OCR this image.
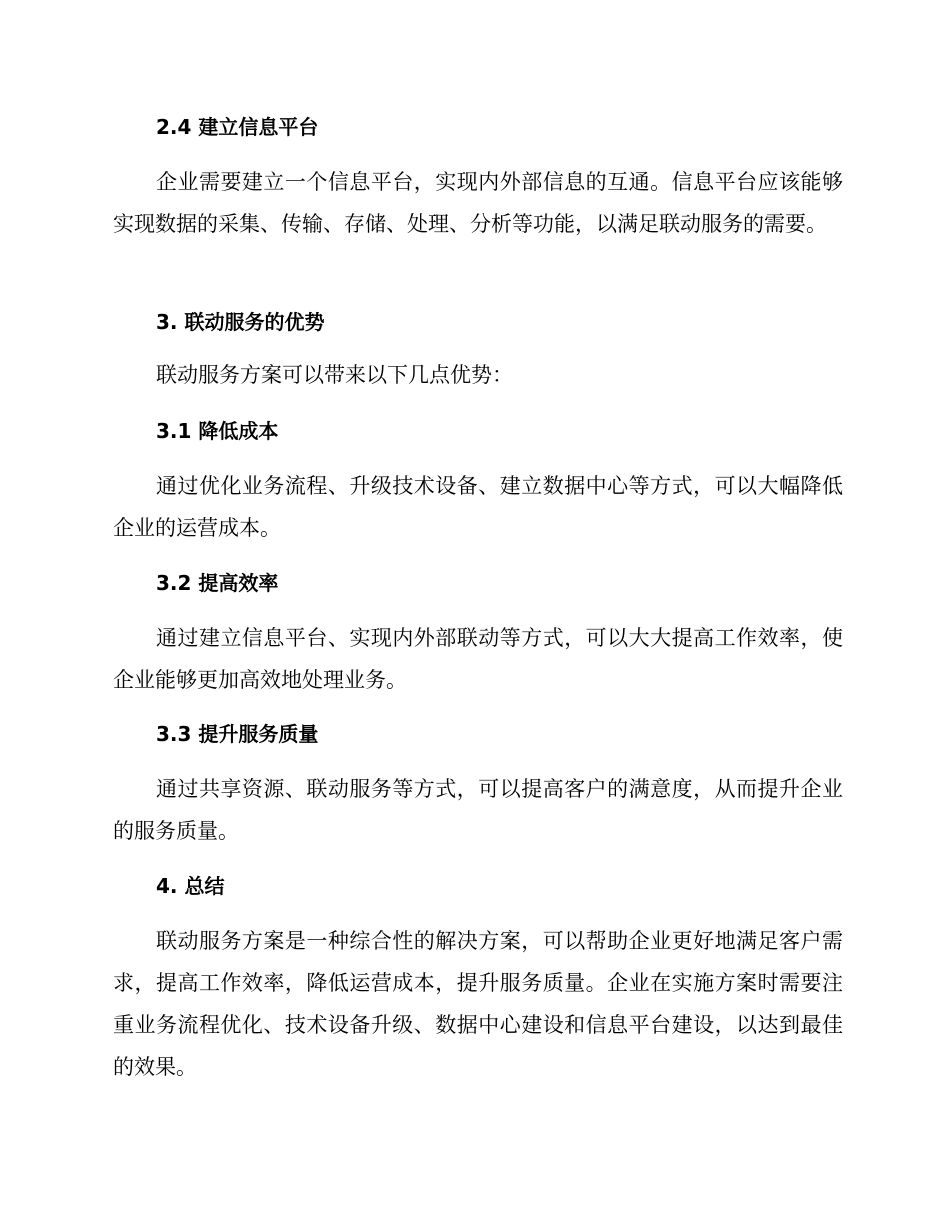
2.4 建立信息平台
企业需要建立一个信息平台，实现内外部信息的互通。信息平台应该能够实现数据的采集、传输、存储、处理、分析等功能，以满足联动服务的需要。
3. 联动服务的优势
联动服务方案可以带来以下几点优势：
3.1 降低成本
通过优化业务流程、升级技术设备、建立数据中心等方式，可以大幅降低企业的运营成本。
3.2 提高效率
通过建立信息平台、实现内外部联动等方式，可以大大提高工作效率，使企业能够更加高效地处理业务。
3.3 提升服务质量
通过共享资源、联动服务等方式，可以提高客户的满意度，从而提升企业的服务质量。
4. 总结
联动服务方案是一种综合性的解决方案，可以帮助企业更好地满足客户需求，提高工作效率，降低运营成本，提升服务质量。企业在实施方案时需要注重业务流程优化、技术设备升级、数据中心建设和信息平台建设，以达到最佳的效果。
